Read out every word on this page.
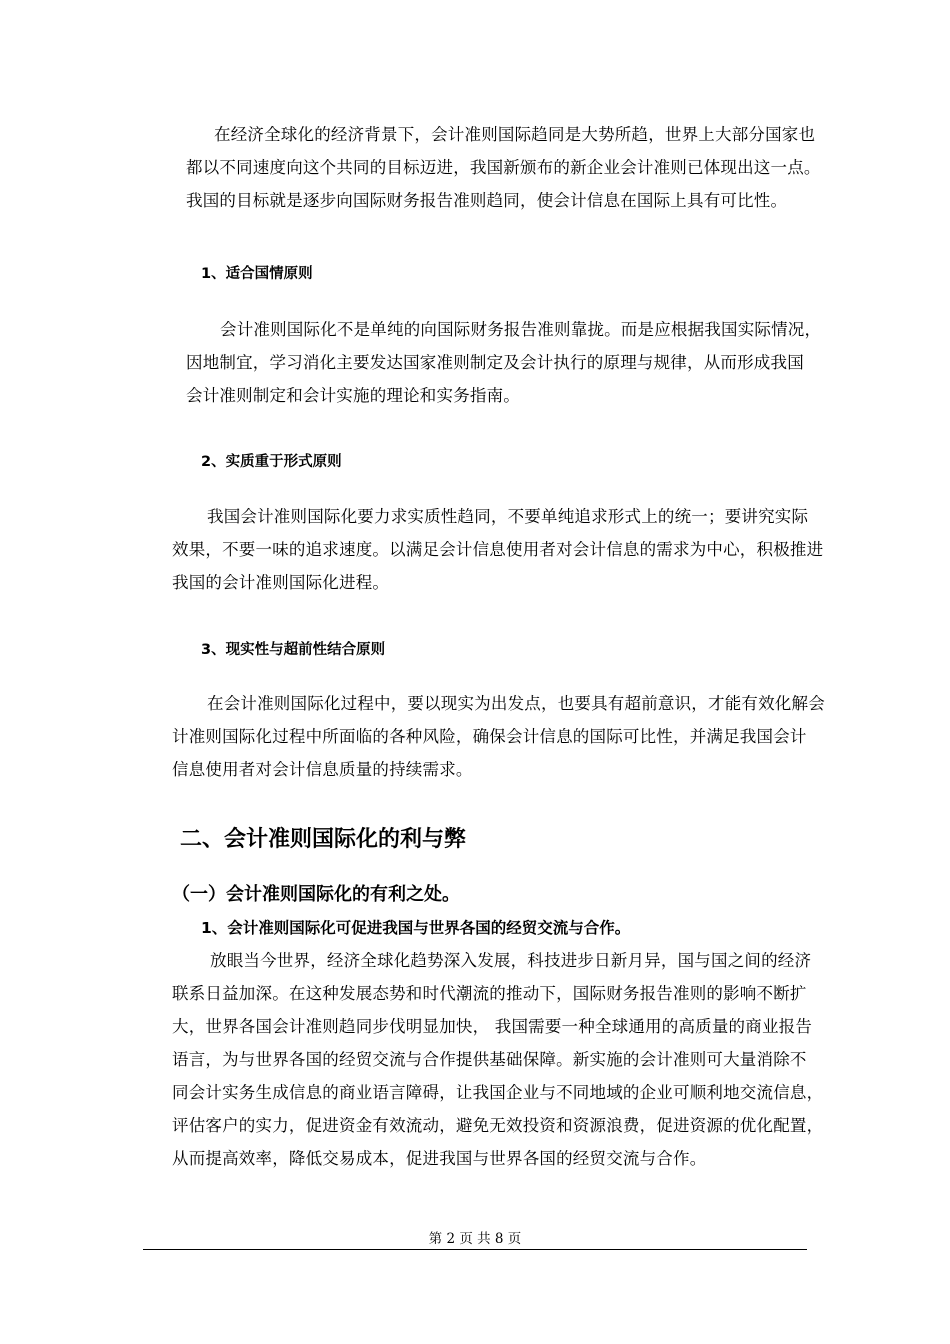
在经济全球化的经济背景下，会计准则国际趋同是大势所趋，世界上大部分国家也
都以不同速度向这个共同的目标迈进，我国新颁布的新企业会计准则已体现出这一点。
我国的目标就是逐步向国际财务报告准则趋同，使会计信息在国际上具有可比性。
1、适合国情原则
会计准则国际化不是单纯的向国际财务报告准则靠拢。而是应根据我国实际情况，
因地制宜，学习消化主要发达国家准则制定及会计执行的原理与规律，从而形成我国
会计准则制定和会计实施的理论和实务指南。
2、实质重于形式原则
我国会计准则国际化要力求实质性趋同，不要单纯追求形式上的统一；要讲究实际
效果，不要一味的追求速度。以满足会计信息使用者对会计信息的需求为中心，积极推进
我国的会计准则国际化进程。
3、现实性与超前性结合原则
在会计准则国际化过程中，要以现实为出发点，也要具有超前意识，才能有效化解会
计准则国际化过程中所面临的各种风险，确保会计信息的国际可比性，并满足我国会计
信息使用者对会计信息质量的持续需求。
二、会计准则国际化的利与弊
（一）会计准则国际化的有利之处。
1、会计准则国际化可促进我国与世界各国的经贸交流与合作。
放眼当今世界，经济全球化趋势深入发展，科技进步日新月异，国与国之间的经济
联系日益加深。在这种发展态势和时代潮流的推动下，国际财务报告准则的影响不断扩
大，世界各国会计准则趋同步伐明显加快， 我国需要一种全球通用的高质量的商业报告
语言，为与世界各国的经贸交流与合作提供基础保障。新实施的会计准则可大量消除不
同会计实务生成信息的商业语言障碍，让我国企业与不同地域的企业可顺利地交流信息，
评估客户的实力，促进资金有效流动，避免无效投资和资源浪费，促进资源的优化配置，
从而提高效率，降低交易成本，促进我国与世界各国的经贸交流与合作。
第 2 页 共 8 页
